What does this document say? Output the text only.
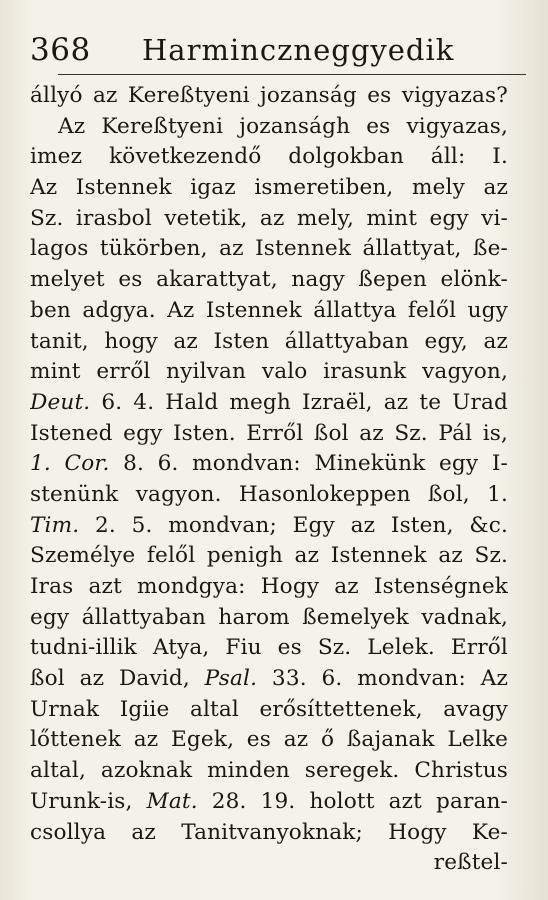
368 Harminczneggyedik
állyó az Kereßtyeni jozanság es vigyazas?
Az Kereßtyeni jozanságh es vigyazas,
imez következendő dolgokban áll: I.
Az Istennek igaz ismeretiben, mely az
Sz. irasbol vetetik, az mely, mint egy vi-
lagos tükörben, az Istennek állattyat, ße-
melyet es akarattyat, nagy ßepen elönk-
ben adgya. Az Istennek állattya felől ugy
tanit, hogy az Isten állattyaban egy, az
mint erről nyilvan valo irasunk vagyon,
Deut. 6. 4. Hald megh Izraël, az te Urad
Istened egy Isten. Erről ßol az Sz. Pál is,
1. Cor. 8. 6. mondvan: Minekünk egy I-
stenünk vagyon. Hasonlokeppen ßol, 1.
Tim. 2. 5. mondvan; Egy az Isten, &c.
Személye felől penigh az Istennek az Sz.
Iras azt mondgya: Hogy az Istenségnek
egy állattyaban harom ßemelyek vadnak,
tudni-illik Atya, Fiu es Sz. Lelek. Erről
ßol az David, Psal. 33. 6. mondvan: Az
Urnak Igiie altal erősíttettenek, avagy
lőttenek az Egek, es az ő ßajanak Lelke
altal, azoknak minden seregek. Christus
Urunk-is, Mat. 28. 19. holott azt paran-
csollya az Tanitvanyoknak; Hogy Ke-
reßtel-
